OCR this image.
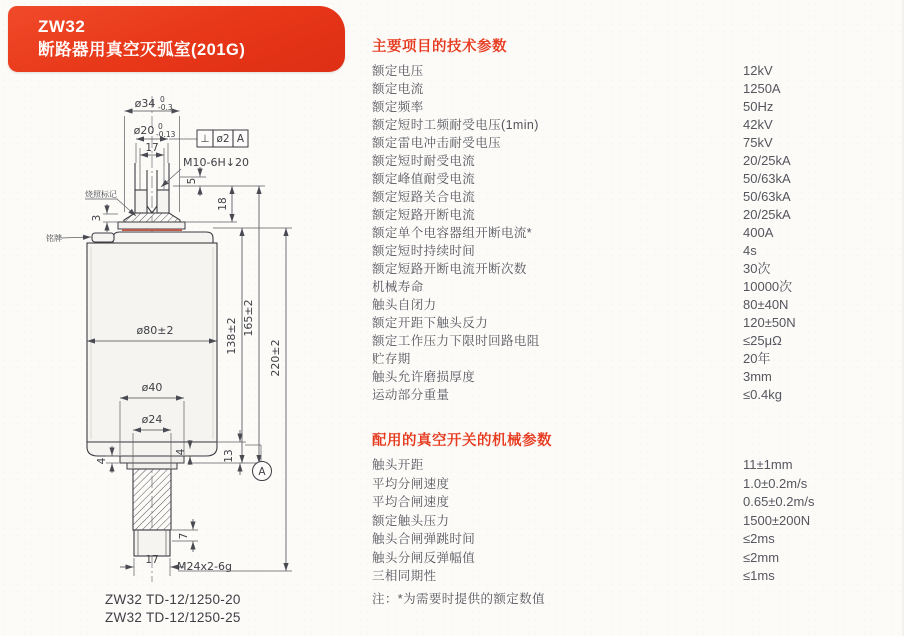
ZW32
断路器用真空灭弧室(201G)
ø34 0
-0.3
ø20 0
-0.13
17
⊥ ø2 A
M10-6H↓20
5
18
3
烧照标记
铭牌
ø80±2
ø40
ø24
138±2 165±2
220±2
4
4	13
A
7
17 M24x2-6g
ZW32 TD-12/1250-20
ZW32 TD-12/1250-25
主要项目的技术参数
额定电压	12kV
额定电流	1250A
额定频率	50Hz
额定短时工频耐受电压(1min)	42kV
额定雷电冲击耐受电压	75kV
额定短时耐受电流	20/25kA
额定峰值耐受电流	50/63kA
额定短路关合电流	50/63kA
额定短路开断电流	20/25kA
额定单个电容器组开断电流*	400A
额定短时持续时间	4s
额定短路开断电流开断次数	30次
机械寿命	10000次
触头自闭力	80±40N
额定开距下触头反力	120±50N
额定工作压力下限时回路电阻	≤25μΩ
贮存期	20年
触头允许磨损厚度	3mm
运动部分重量	≤0.4kg
配用的真空开关的机械参数
触头开距	11±1mm
平均分闸速度	1.0±0.2m/s
平均合闸速度	0.65±0.2m/s
额定触头压力	1500±200N
触头合闸弹跳时间	≤2ms
触头分闸反弹幅值	≤2mm
三相同期性	≤1ms
注：*为需要时提供的额定数值
